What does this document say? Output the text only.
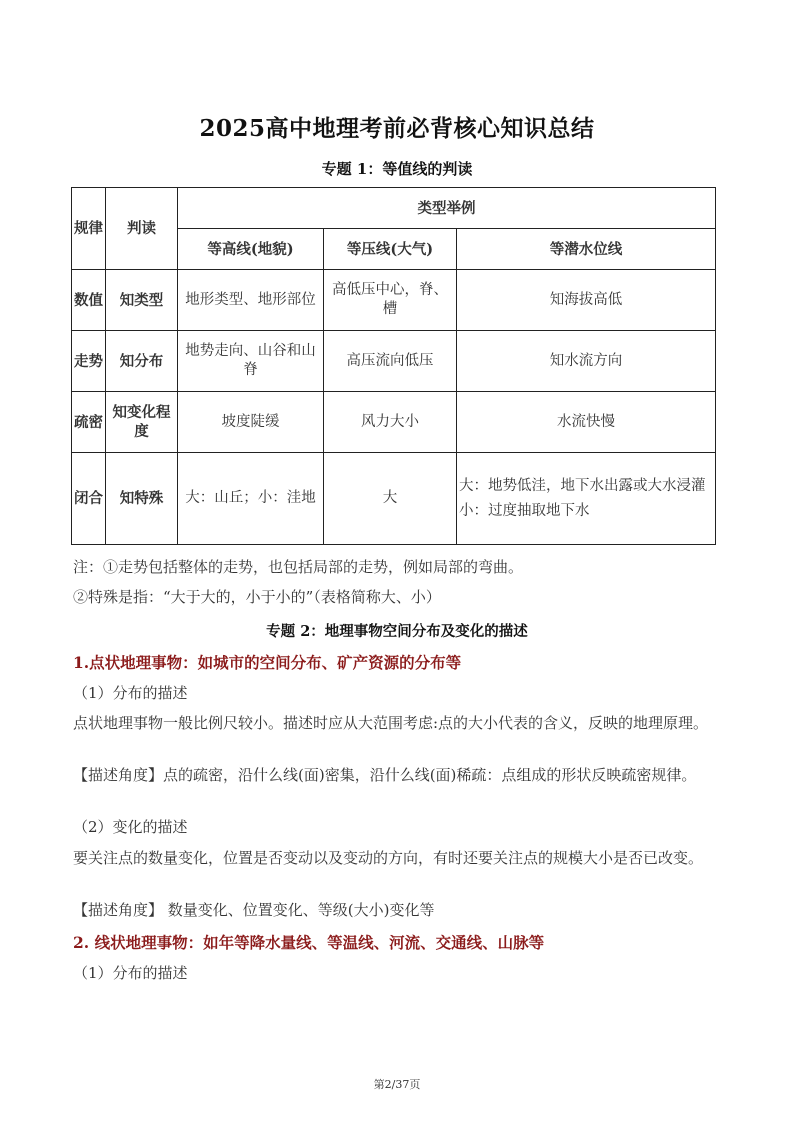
2025高中地理考前必背核心知识总结
专题 1：等值线的判读
规律	判读	类型举例		
		等高线(地貌)	等压线(大气)	等潜水位线
数值	知类型	地形类型、地形部位	高低压中心，脊、槽	知海拔高低
走势	知分布	地势走向、山谷和山脊	高压流向低压	知水流方向
疏密	知变化程度	坡度陡缓	风力大小	水流快慢
闭合	知特殊	大：山丘；小：洼地	大	大：地势低洼，地下水出露或大水浸灌
小：过度抽取地下水
注：①走势包括整体的走势，也包括局部的走势，例如局部的弯曲。
②特殊是指：“大于大的，小于小的”（表格简称大、小）
专题 2：地理事物空间分布及变化的描述
1.点状地理事物：如城市的空间分布、矿产资源的分布等
（1）分布的描述
点状地理事物一般比例尺较小。描述时应从大范围考虑:点的大小代表的含义，反映的地理原理。
【描述角度】点的疏密，沿什么线(面)密集，沿什么线(面)稀疏：点组成的形状反映疏密规律。
（2）变化的描述
要关注点的数量变化，位置是否变动以及变动的方向，有时还要关注点的规模大小是否已改变。
【描述角度】 数量变化、位置变化、等级(大小)变化等
2. 线状地理事物：如年等降水量线、等温线、河流、交通线、山脉等
（1）分布的描述
第2/37页
